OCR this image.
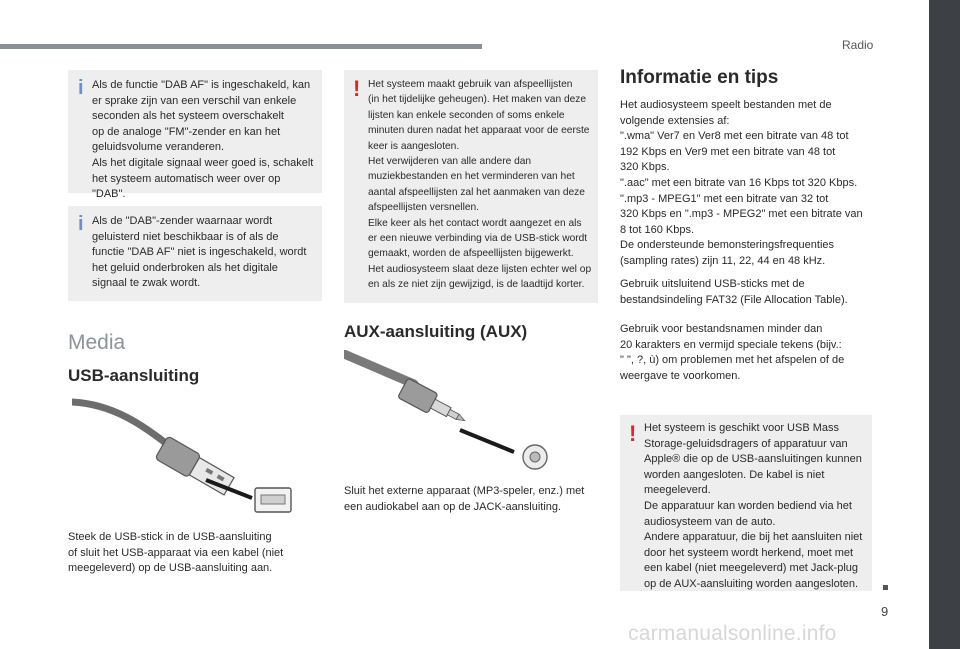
Radio
9
carmanualsonline.info
i Als de functie "DAB AF" is ingeschakeld, kan
er sprake zijn van een verschil van enkele
seconden als het systeem overschakelt
op de analoge "FM"-zender en kan het
geluidsvolume veranderen.
Als het digitale signaal weer goed is, schakelt
het systeem automatisch weer over op "DAB".

i Als de "DAB"-zender waarnaar wordt
geluisterd niet beschikbaar is of als de
functie "DAB AF" niet is ingeschakeld, wordt
het geluid onderbroken als het digitale
signaal te zwak wordt.

Media
USB-aansluiting
Steek de USB-stick in de USB-aansluiting
of sluit het USB-apparaat via een kabel (niet
meegeleverd) op de USB-aansluiting aan.
! Het systeem maakt gebruik van afspeellijsten
(in het tijdelijke geheugen). Het maken van deze
lijsten kan enkele seconden of soms enkele
minuten duren nadat het apparaat voor de eerste
keer is aangesloten.
Het verwijderen van alle andere dan
muziekbestanden en het verminderen van het
aantal afspeellijsten zal het aanmaken van deze
afspeellijsten versnellen.
Elke keer als het contact wordt aangezet en als
er een nieuwe verbinding via de USB-stick wordt
gemaakt, worden de afspeellijsten bijgewerkt.
Het audiosysteem slaat deze lijsten echter wel op
en als ze niet zijn gewijzigd, is de laadtijd korter.

AUX-aansluiting (AUX)
Sluit het externe apparaat (MP3-speler, enz.) met
een audiokabel aan op de JACK-aansluiting.
Informatie en tips
Het audiosysteem speelt bestanden met de
volgende extensies af:
".wma" Ver7 en Ver8 met een bitrate van 48 tot
192 Kbps en Ver9 met een bitrate van 48 tot
320 Kbps.
".aac" met een bitrate van 16 Kbps tot 320 Kbps.
".mp3 - MPEG1" met een bitrate van 32 tot
320 Kbps en ".mp3 - MPEG2" met een bitrate van
8 tot 160 Kbps.
De ondersteunde bemonsteringsfrequenties
(sampling rates) zijn 11, 22, 44 en 48 kHz.
Gebruik uitsluitend USB-sticks met de
bestandsindeling FAT32 (File Allocation Table).
Gebruik voor bestandsnamen minder dan
20 karakters en vermijd speciale tekens (bijv.:
" ", ?, ù) om problemen met het afspelen of de
weergave te voorkomen.
! Het systeem is geschikt voor USB Mass
Storage-geluidsdragers of apparatuur van
Apple® die op de USB-aansluitingen kunnen
worden aangesloten. De kabel is niet
meegeleverd.
De apparatuur kan worden bediend via het
audiosysteem van de auto.
Andere apparatuur, die bij het aansluiten niet
door het systeem wordt herkend, moet met
een kabel (niet meegeleverd) met Jack-plug
op de AUX-aansluiting worden aangesloten.
